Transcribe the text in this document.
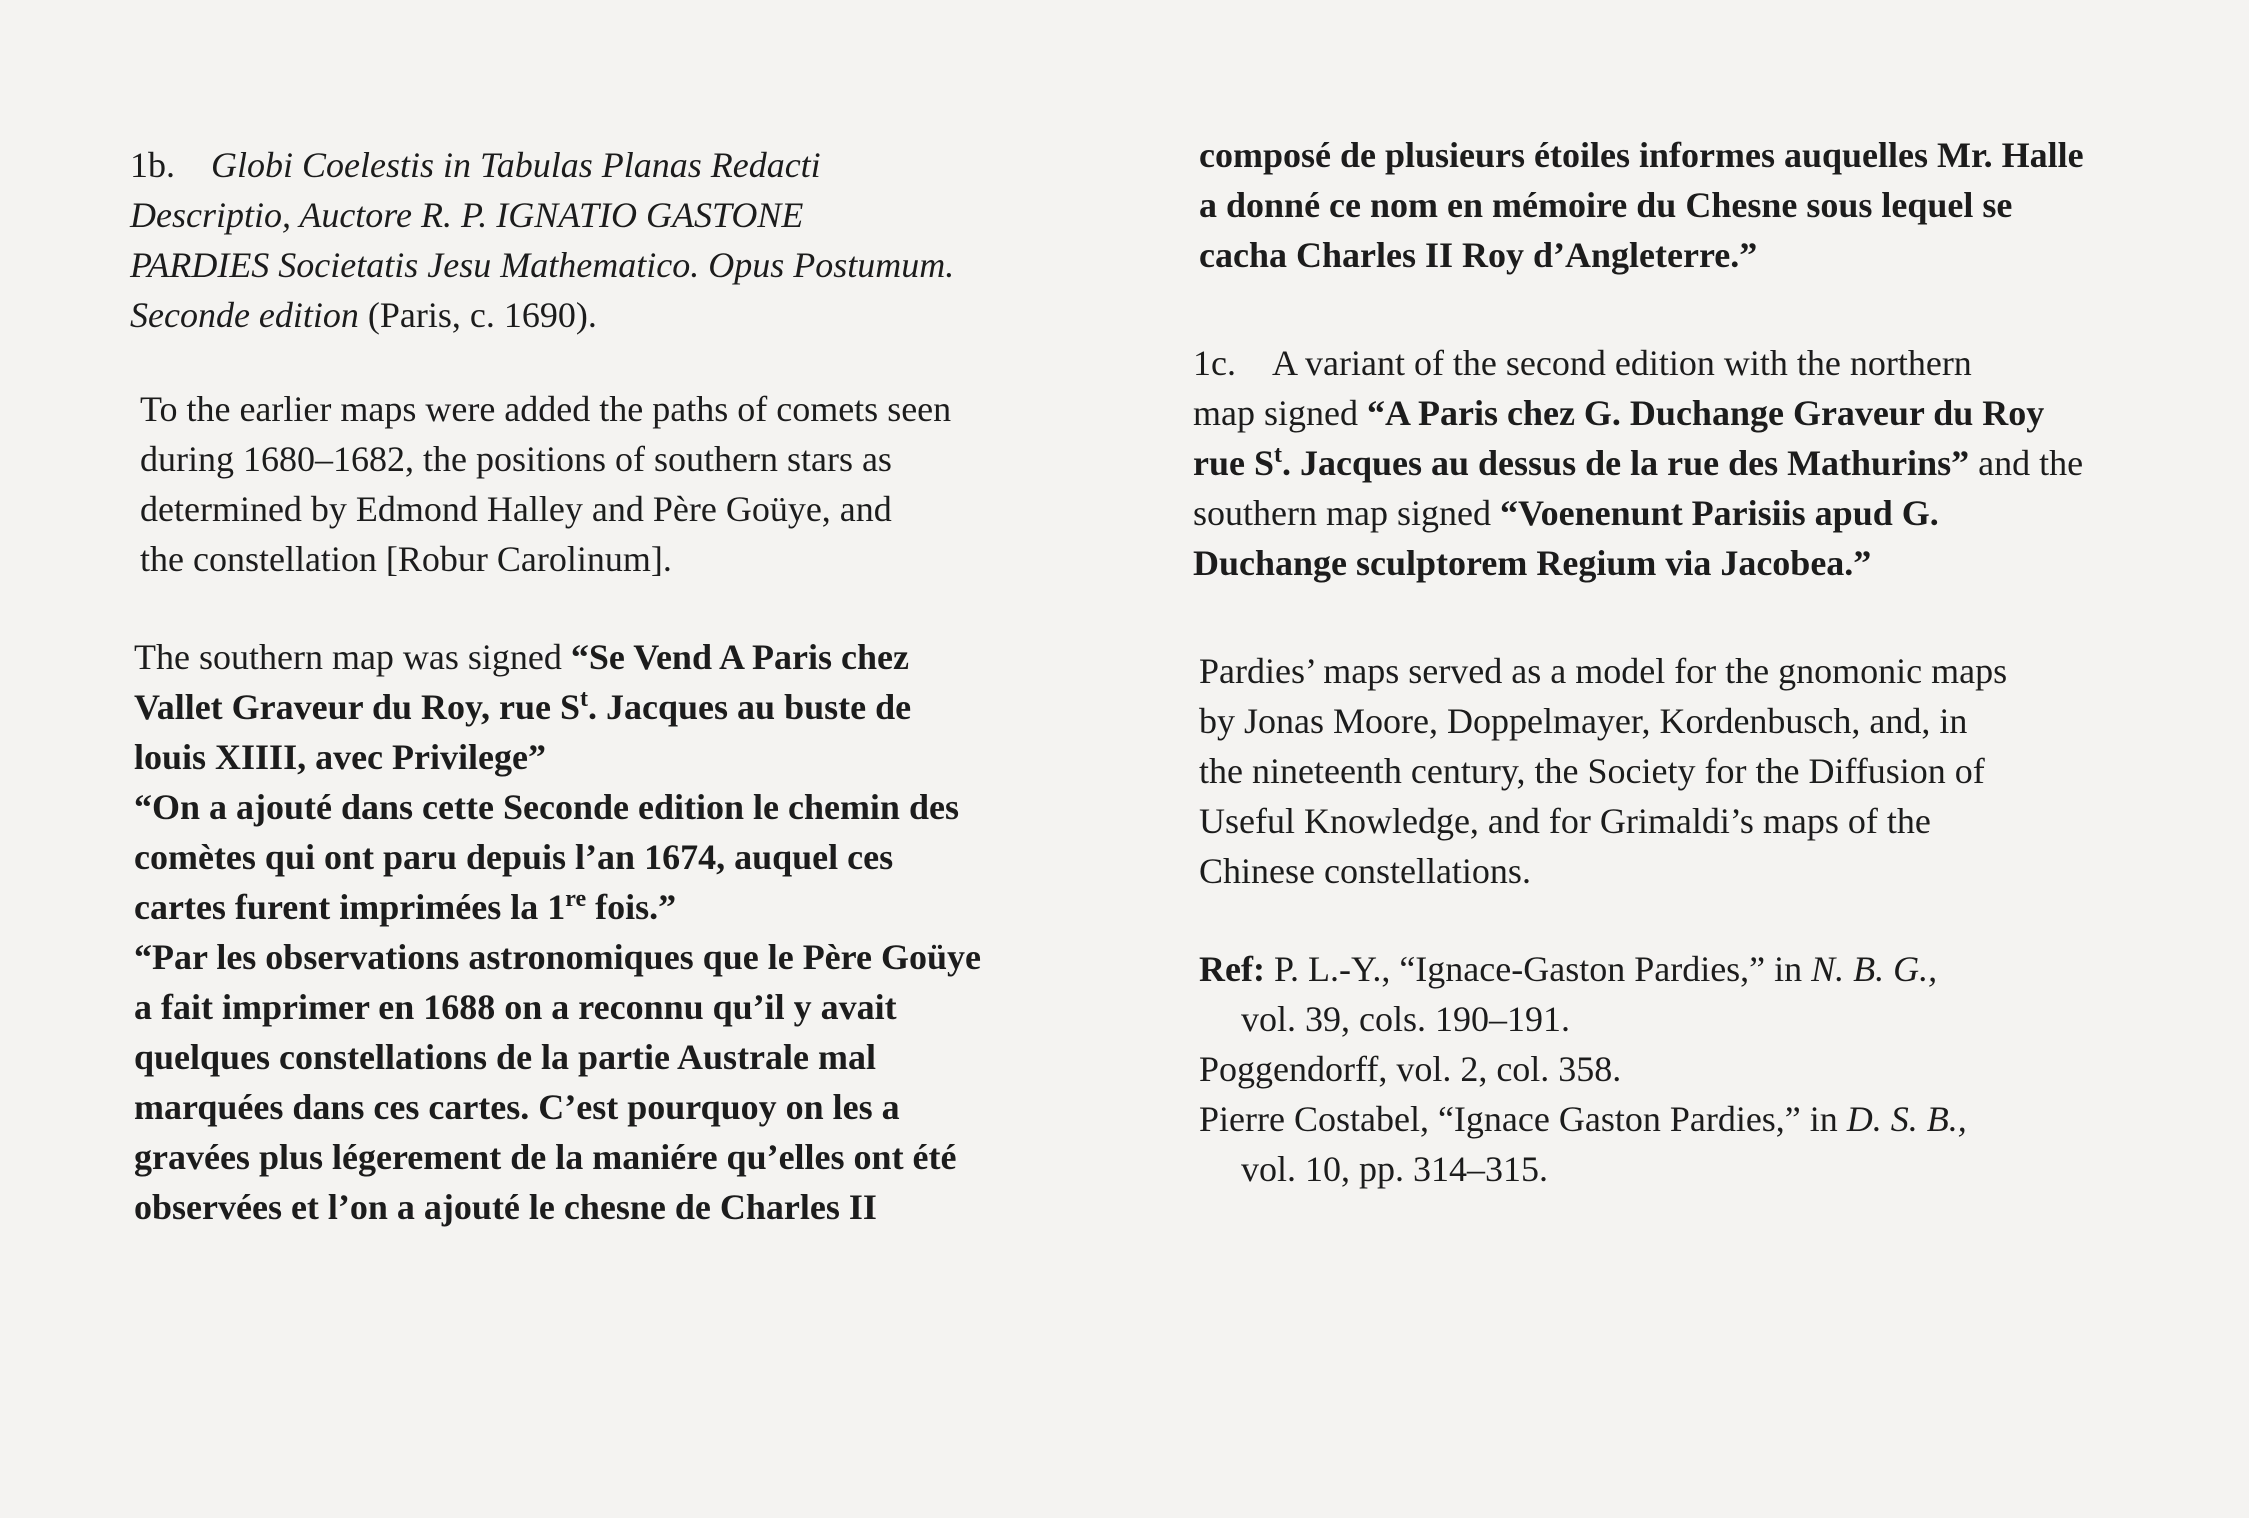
1b. Globi Coelestis in Tabulas Planas Redacti

Descriptio, Auctore R. P. IGNATIO GASTONE

PARDIES Societatis Jesu Mathematico. Opus Postumum.

Seconde edition (Paris, c. 1690).

To the earlier maps were added the paths of comets seen

during 1680–1682, the positions of southern stars as

determined by Edmond Halley and Père Goüye, and

the constellation [Robur Carolinum].

The southern map was signed “Se Vend A Paris chez

Vallet Graveur du Roy, rue $S^t$. Jacques au buste de

louis XIIII, avec Privilege”

“On a ajouté dans cette Seconde edition le chemin des

comètes qui ont paru depuis l’an 1674, auquel ces

cartes furent imprimées la 1re fois.”

“Par les observations astronomiques que le Père Goüye

a fait imprimer en 1688 on a reconnu qu’il y avait

quelques constellations de la partie Australe mal

marquées dans ces cartes. C’est pourquoy on les a

gravées plus légerement de la maniére qu’elles ont été

observées et l’on a ajouté le chesne de Charles II

composé de plusieurs étoiles informes auquelles Mr. Halle

a donné ce nom en mémoire du Chesne sous lequel se

cacha Charles II Roy d’Angleterre.”

1c. A variant of the second edition with the northern

map signed “A Paris chez G. Duchange Graveur du Roy

rue $S^t$. Jacques au dessus de la rue des Mathurins” and the

southern map signed “Voenenunt Parisiis apud G.

Duchange sculptorem Regium via Jacobea.”

Pardies’ maps served as a model for the gnomonic maps

by Jonas Moore, Doppelmayer, Kordenbusch, and, in

the nineteenth century, the Society for the Diffusion of

Useful Knowledge, and for Grimaldi’s maps of the

Chinese constellations.

Ref: P. L.-Y., “Ignace-Gaston Pardies,” in N. B. G.,

vol. 39, cols. 190–191.

Poggendorff, vol. 2, col. 358.

Pierre Costabel, “Ignace Gaston Pardies,” in D. S. B.,

vol. 10, pp. 314–315.
